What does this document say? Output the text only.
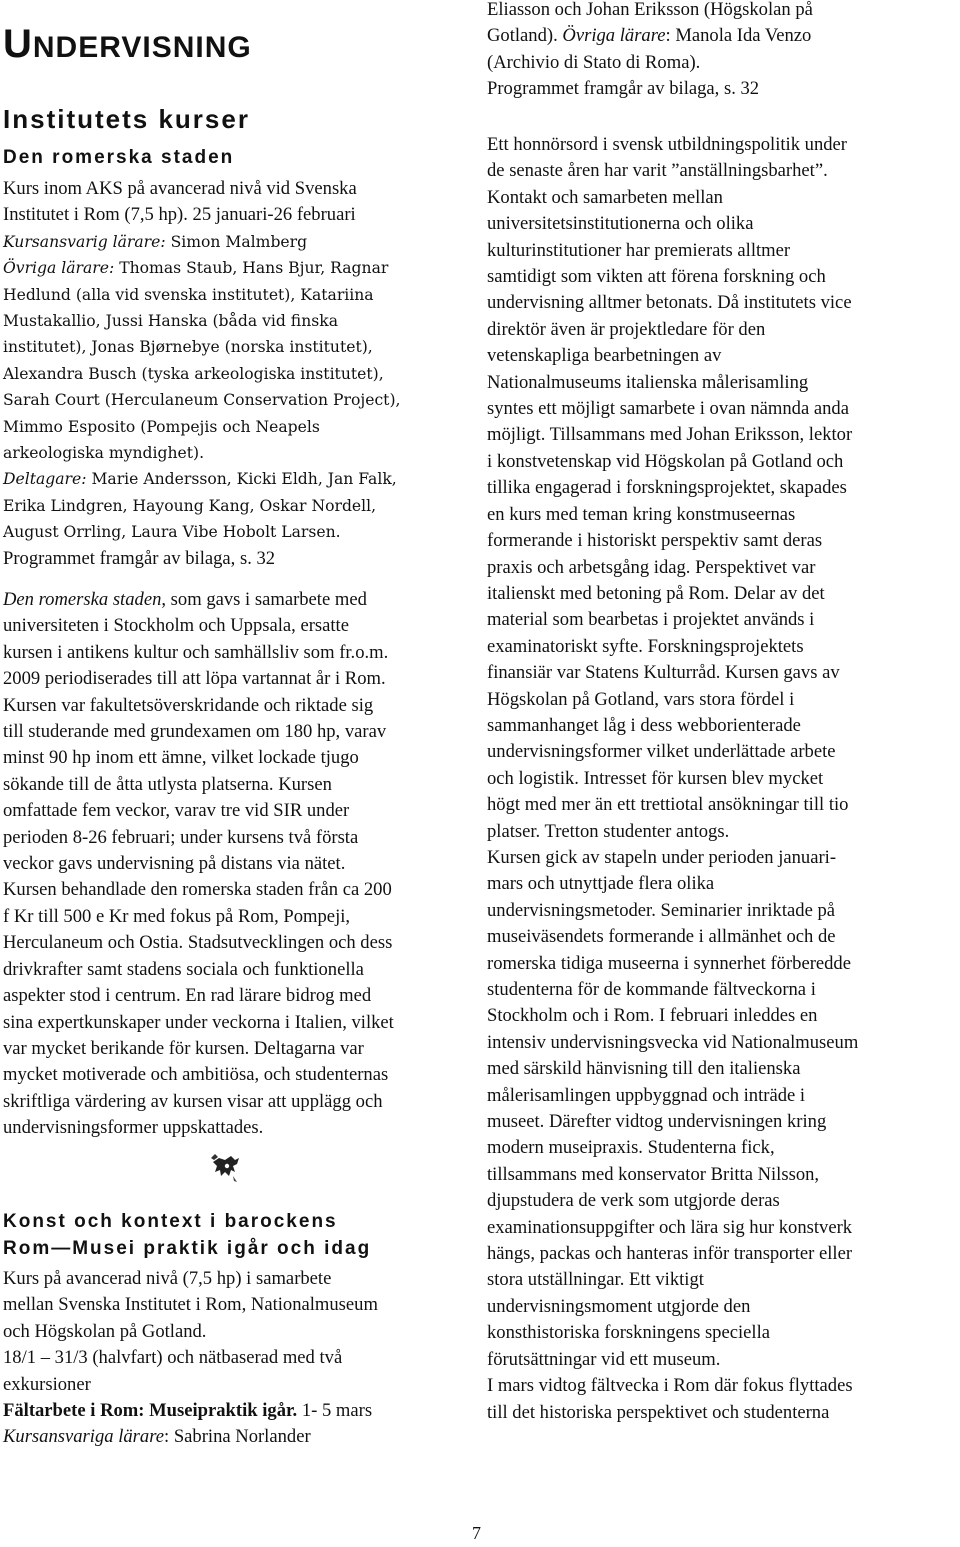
UNDERVISNING
Institutets kurser
Den romerska staden
Kurs inom AKS på avancerad nivå vid Svenska
Institutet i Rom (7,5 hp). 25 januari-26 februari
Kursansvarig lärare: Simon Malmberg
Övriga lärare: Thomas Staub, Hans Bjur, Ragnar
Hedlund (alla vid svenska institutet), Katariina
Mustakallio, Jussi Hanska (båda vid finska
institutet), Jonas Bjørnebye (norska institutet),
Alexandra Busch (tyska arkeologiska institutet),
Sarah Court (Herculaneum Conservation Project),
Mimmo Esposito (Pompejis och Neapels
arkeologiska myndighet).
Deltagare: Marie Andersson, Kicki Eldh, Jan Falk,
Erika Lindgren, Hayoung Kang, Oskar Nordell,
August Orrling, Laura Vibe Hobolt Larsen.
Programmet framgår av bilaga, s. 32
Den romerska staden, som gavs i samarbete med
universiteten i Stockholm och Uppsala, ersatte
kursen i antikens kultur och samhällsliv som fr.o.m.
2009 periodiserades till att löpa vartannat år i Rom.
Kursen var fakultetsöverskridande och riktade sig
till studerande med grundexamen om 180 hp, varav
minst 90 hp inom ett ämne, vilket lockade tjugo
sökande till de åtta utlysta platserna. Kursen
omfattade fem veckor, varav tre vid SIR under
perioden 8-26 februari; under kursens två första
veckor gavs undervisning på distans via nätet.
Kursen behandlade den romerska staden från ca 200
f Kr till 500 e Kr med fokus på Rom, Pompeji,
Herculaneum och Ostia. Stadsutvecklingen och dess
drivkrafter samt stadens sociala och funktionella
aspekter stod i centrum. En rad lärare bidrog med
sina expertkunskaper under veckorna i Italien, vilket
var mycket berikande för kursen. Deltagarna var
mycket motiverade och ambitiösa, och studenternas
skriftliga värdering av kursen visar att upplägg och
undervisningsformer uppskattades.
Konst och kontext i barockens
Rom—Musei praktik igår och idag
Kurs på avancerad nivå (7,5 hp) i samarbete
mellan Svenska Institutet i Rom, Nationalmuseum
och Högskolan på Gotland.
18/1 – 31/3 (halvfart) och nätbaserad med två
exkursioner
Fältarbete i Rom: Museipraktik igår. 1- 5 mars
Kursansvariga lärare: Sabrina Norlander
Eliasson och Johan Eriksson (Högskolan på
Gotland). Övriga lärare: Manola Ida Venzo
(Archivio di Stato di Roma).
Programmet framgår av bilaga, s. 32
Ett honnörsord i svensk utbildningspolitik under
de senaste åren har varit ”anställningsbarhet”.
Kontakt och samarbeten mellan
universitetsinstitutionerna och olika
kulturinstitutioner har premierats alltmer
samtidigt som vikten att förena forskning och
undervisning alltmer betonats. Då institutets vice
direktör även är projektledare för den
vetenskapliga bearbetningen av
Nationalmuseums italienska målerisamling
syntes ett möjligt samarbete i ovan nämnda anda
möjligt. Tillsammans med Johan Eriksson, lektor
i konstvetenskap vid Högskolan på Gotland och
tillika engagerad i forskningsprojektet, skapades
en kurs med teman kring konstmuseernas
formerande i historiskt perspektiv samt deras
praxis och arbetsgång idag. Perspektivet var
italienskt med betoning på Rom. Delar av det
material som bearbetas i projektet används i
examinatoriskt syfte. Forskningsprojektets
finansiär var Statens Kulturråd. Kursen gavs av
Högskolan på Gotland, vars stora fördel i
sammanhanget låg i dess webborienterade
undervisningsformer vilket underlättade arbete
och logistik. Intresset för kursen blev mycket
högt med mer än ett trettiotal ansökningar till tio
platser. Tretton studenter antogs.
Kursen gick av stapeln under perioden januari-
mars och utnyttjade flera olika
undervisningsmetoder. Seminarier inriktade på
museiväsendets formerande i allmänhet och de
romerska tidiga museerna i synnerhet förberedde
studenterna för de kommande fältveckorna i
Stockholm och i Rom. I februari inleddes en
intensiv undervisningsvecka vid Nationalmuseum
med särskild hänvisning till den italienska
målerisamlingen uppbyggnad och inträde i
museet. Därefter vidtog undervisningen kring
modern museipraxis. Studenterna fick,
tillsammans med konservator Britta Nilsson,
djupstudera de verk som utgjorde deras
examinationsuppgifter och lära sig hur konstverk
hängs, packas och hanteras inför transporter eller
stora utställningar. Ett viktigt
undervisningsmoment utgjorde den
konsthistoriska forskningens speciella
förutsättningar vid ett museum.
I mars vidtog fältvecka i Rom där fokus flyttades
till det historiska perspektivet och studenterna
7
